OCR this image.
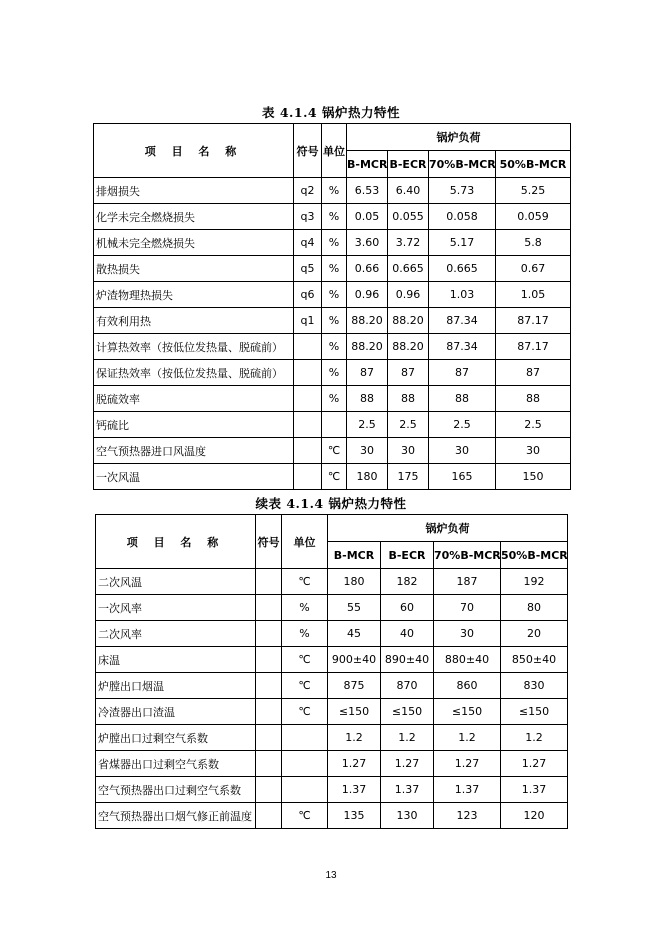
表 4.1.4 锅炉热力特性
项 目 名 称	符号	单位	锅炉负荷			
			B-MCR	B-ECR	70%B-MCR	50%B-MCR
排烟损失	q2	%	6.53	6.40	5.73	5.25
化学未完全燃烧损失	q3	%	0.05	0.055	0.058	0.059
机械未完全燃烧损失	q4	%	3.60	3.72	5.17	5.8
散热损失	q5	%	0.66	0.665	0.665	0.67
炉渣物理热损失	q6	%	0.96	0.96	1.03	1.05
有效利用热	q1	%	88.20	88.20	87.34	87.17
计算热效率（按低位发热量、脱硫前）		%	88.20	88.20	87.34	87.17
保证热效率（按低位发热量、脱硫前）		%	87	87	87	87
脱硫效率		%	88	88	88	88
钙硫比			2.5	2.5	2.5	2.5
空气预热器进口风温度		℃	30	30	30	30
一次风温		℃	180	175	165	150
续表 4.1.4 锅炉热力特性
项 目 名 称	符号	单位	锅炉负荷			
			B-MCR	B-ECR	70%B-MCR	50%B-MCR
二次风温		℃	180	182	187	192
一次风率		%	55	60	70	80
二次风率		%	45	40	30	20
床温		℃	900±40	890±40	880±40	850±40
炉膛出口烟温		℃	875	870	860	830
冷渣器出口渣温		℃	≤150	≤150	≤150	≤150
炉膛出口过剩空气系数			1.2	1.2	1.2	1.2
省煤器出口过剩空气系数			1.27	1.27	1.27	1.27
空气预热器出口过剩空气系数			1.37	1.37	1.37	1.37
空气预热器出口烟气修正前温度		℃	135	130	123	120
13
